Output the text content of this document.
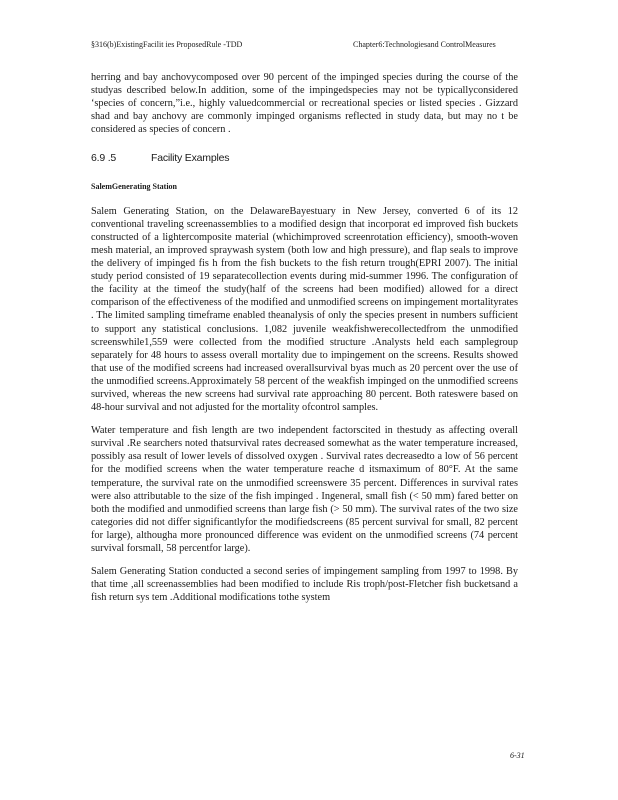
§316(b)ExistingFacilit ies ProposedRule -TDD	Chapter6:Technologiesand ControlMeasures

herring and bay anchovycomposed over 90 percent of the impinged species during the course of the studyas described below.In addition, some of the impingedspecies may not be typicallyconsidered ‘species of concern,”i.e., highly valuedcommercial or recreational species or listed species . Gizzard shad and bay anchovy are commonly impinged organisms reflected in study data, but may no t be considered as species of concern .

6.9 .5	Facility Examples
SalemGenerating Station

Salem Generating Station, on the DelawareBayestuary in New Jersey, converted 6 of its 12 conventional traveling screenassemblies to a modified design that incorporat ed improved fish buckets constructed of a lightercomposite material (whichimproved screenrotation efficiency), smooth-woven mesh material, an improved spraywash system (both low and high pressure), and flap seals to improve the delivery of impinged fis h from the fish buckets to the fish return trough(EPRI 2007). The initial study period consisted of 19 separatecollection events during mid-summer 1996. The configuration of the facility at the timeof the study(half of the screens had been modified) allowed for a direct comparison of the effectiveness of the modified and unmodified screens on impingement mortalityrates . The limited sampling timeframe enabled theanalysis of only the species present in numbers sufficient to support any statistical conclusions. 1,082 juvenile weakfishwerecollectedfrom the unmodified screenswhile1,559 were collected from the modified structure .Analysts held each samplegroup separately for 48 hours to assess overall mortality due to impingement on the screens. Results showed that use of the modified screens had increased overallsurvival byas much as 20 percent over the use of the unmodified screens.Approximately 58 percent of the weakfish impinged on the unmodified screens survived, whereas the new screens had survival rate approaching 80 percent. Both rateswere based on 48-hour survival and not adjusted for the mortality ofcontrol samples.

Water temperature and fish length are two independent factorscited in thestudy as affecting overall survival .Re searchers noted thatsurvival rates decreased somewhat as the water temperature increased, possibly asa result of lower levels of dissolved oxygen . Survival rates decreasedto a low of 56 percent for the modified screens when the water temperature reache d itsmaximum of 80°F. At the same temperature, the survival rate on the unmodified screenswere 35 percent. Differences in survival rates were also attributable to the size of the fish impinged . Ingeneral, small fish (< 50 mm) fared better on both the modified and unmodified screens than large fish (> 50 mm). The survival rates of the two size categories did not differ significantlyfor the modifiedscreens (85 percent survival for small, 82 percent for large), althougha more pronounced difference was evident on the unmodified screens (74 percent survival forsmall, 58 percentfor large).

Salem Generating Station conducted a second series of impingement sampling from 1997 to 1998. By that time ,all screenassemblies had been modified to include Ris troph/post-Fletcher fish bucketsand a fish return sys tem .Additional modifications tothe system

6-31
